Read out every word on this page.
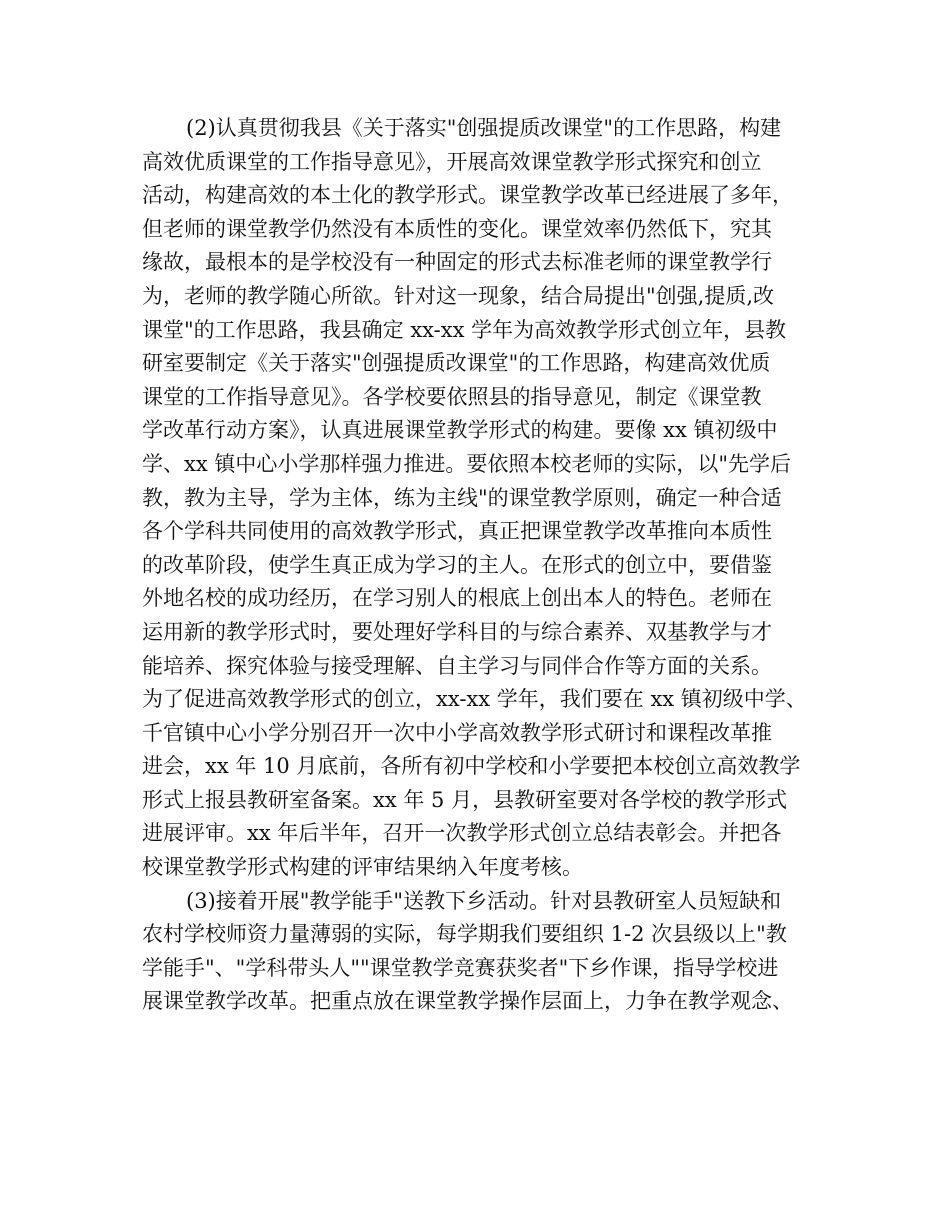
(2)认真贯彻我县《关于落实"创强提质改课堂"的工作思路，构建
高效优质课堂的工作指导意见》，开展高效课堂教学形式探究和创立
活动，构建高效的本土化的教学形式。课堂教学改革已经进展了多年，
但老师的课堂教学仍然没有本质性的变化。课堂效率仍然低下，究其
缘故，最根本的是学校没有一种固定的形式去标准老师的课堂教学行
为，老师的教学随心所欲。针对这一现象，结合局提出"创强,提质,改
课堂"的工作思路，我县确定 xx-xx 学年为高效教学形式创立年，县教
研室要制定《关于落实"创强提质改课堂"的工作思路，构建高效优质
课堂的工作指导意见》。各学校要依照县的指导意见，制定《课堂教
学改革行动方案》，认真进展课堂教学形式的构建。要像 xx 镇初级中
学、xx 镇中心小学那样强力推进。要依照本校老师的实际，以"先学后
教，教为主导，学为主体，练为主线"的课堂教学原则，确定一种合适
各个学科共同使用的高效教学形式，真正把课堂教学改革推向本质性
的改革阶段，使学生真正成为学习的主人。在形式的创立中，要借鉴
外地名校的成功经历，在学习别人的根底上创出本人的特色。老师在
运用新的教学形式时，要处理好学科目的与综合素养、双基教学与才
能培养、探究体验与接受理解、自主学习与同伴合作等方面的关系。
为了促进高效教学形式的创立，xx-xx 学年，我们要在 xx 镇初级中学、
千官镇中心小学分别召开一次中小学高效教学形式研讨和课程改革推
进会，xx 年 10 月底前，各所有初中学校和小学要把本校创立高效教学
形式上报县教研室备案。xx 年 5 月，县教研室要对各学校的教学形式
进展评审。xx 年后半年，召开一次教学形式创立总结表彰会。并把各
校课堂教学形式构建的评审结果纳入年度考核。
(3)接着开展"教学能手"送教下乡活动。针对县教研室人员短缺和
农村学校师资力量薄弱的实际，每学期我们要组织 1-2 次县级以上"教
学能手"、"学科带头人""课堂教学竞赛获奖者"下乡作课，指导学校进
展课堂教学改革。把重点放在课堂教学操作层面上，力争在教学观念、
